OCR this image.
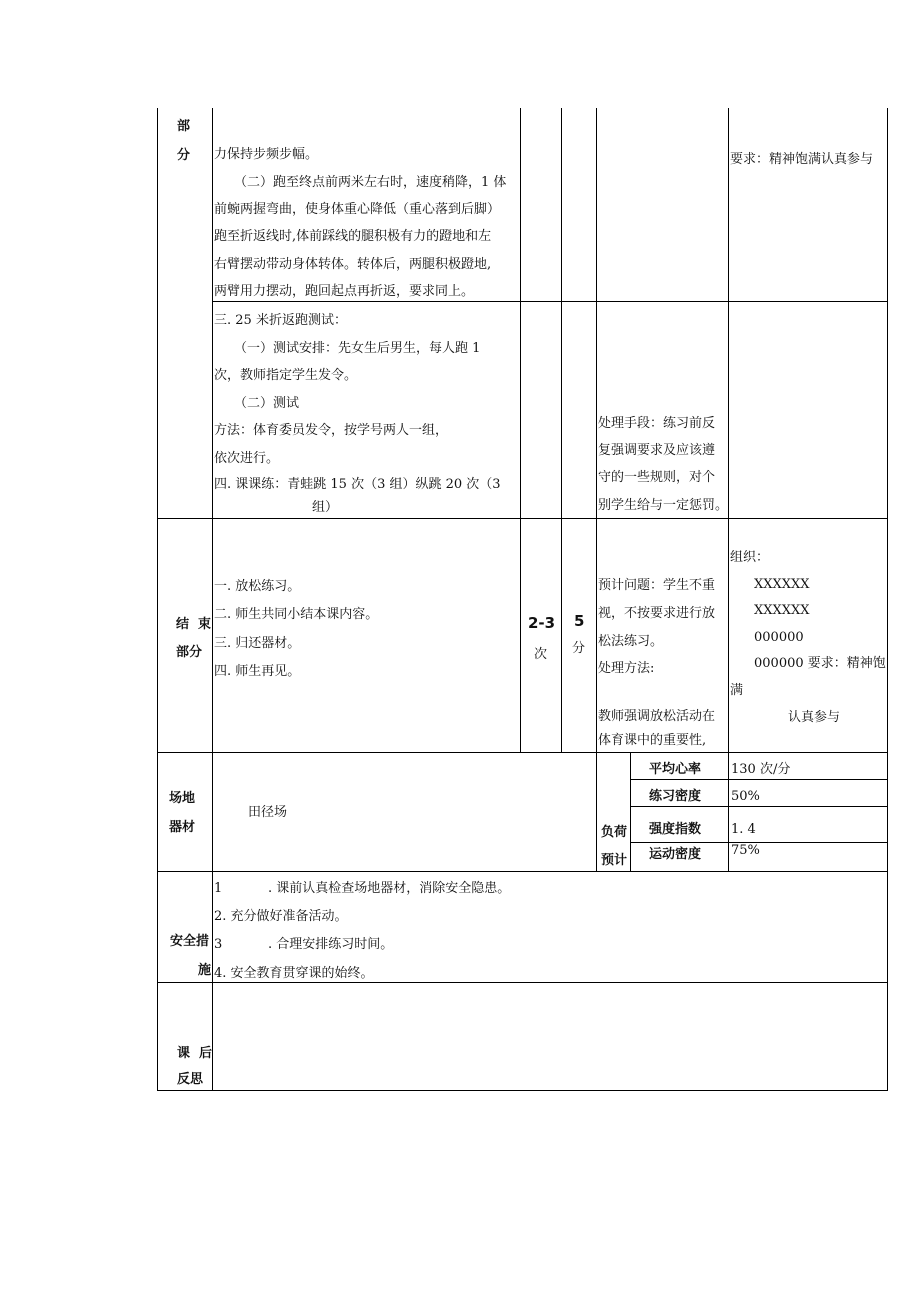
部
分 力保持步频步幅。
（二）跑至终点前两米左右时，速度稍降，1 体
前蜿两握弯曲，使身体重心降低（重心落到后脚）
跑至折返线时,体前踩线的腿积极有力的蹬地和左
右臂摆动带动身体转体。转体后，两腿积极蹬地,
两臂用力摆动，跑回起点再折返，要求同上。
要求：精神饱满认真参与
三. 25 米折返跑测试：
（一）测试安排：先女生后男生，每人跑 1
次，教师指定学生发令。
（二）测试
方法：体育委员发令，按学号两人一组，
依次进行。
四. 课课练：青蛙跳 15 次（3 组）纵跳 20 次（3
组）
处理手段：练习前反
复强调要求及应该遵
守的一些规则，对个
别学生给与一定惩罚。
结  束
部分
一. 放松练习。
二. 师生共同小结本课内容。
三. 归还器材。
四. 师生再见。
2-3
次
5
分
预计问题：学生不重
视，不按要求进行放
松法练习。
处理方法:
教师强调放松活动在
体育课中的重要性,
组织：
XXXXXX
XXXXXX
000000
000000 要求：精神饱
满
认真参与
场地
器材
田径场
负荷
预计
平均心率 130 次/分
练习密度 50%
强度指数 1. 4
运动密度 75%
安全措
施
1	. 课前认真检查场地器材，消除安全隐患。
2. 充分做好准备活动。
3	. 合理安排练习时间。
4. 安全教育贯穿课的始终。
课  后
反思
